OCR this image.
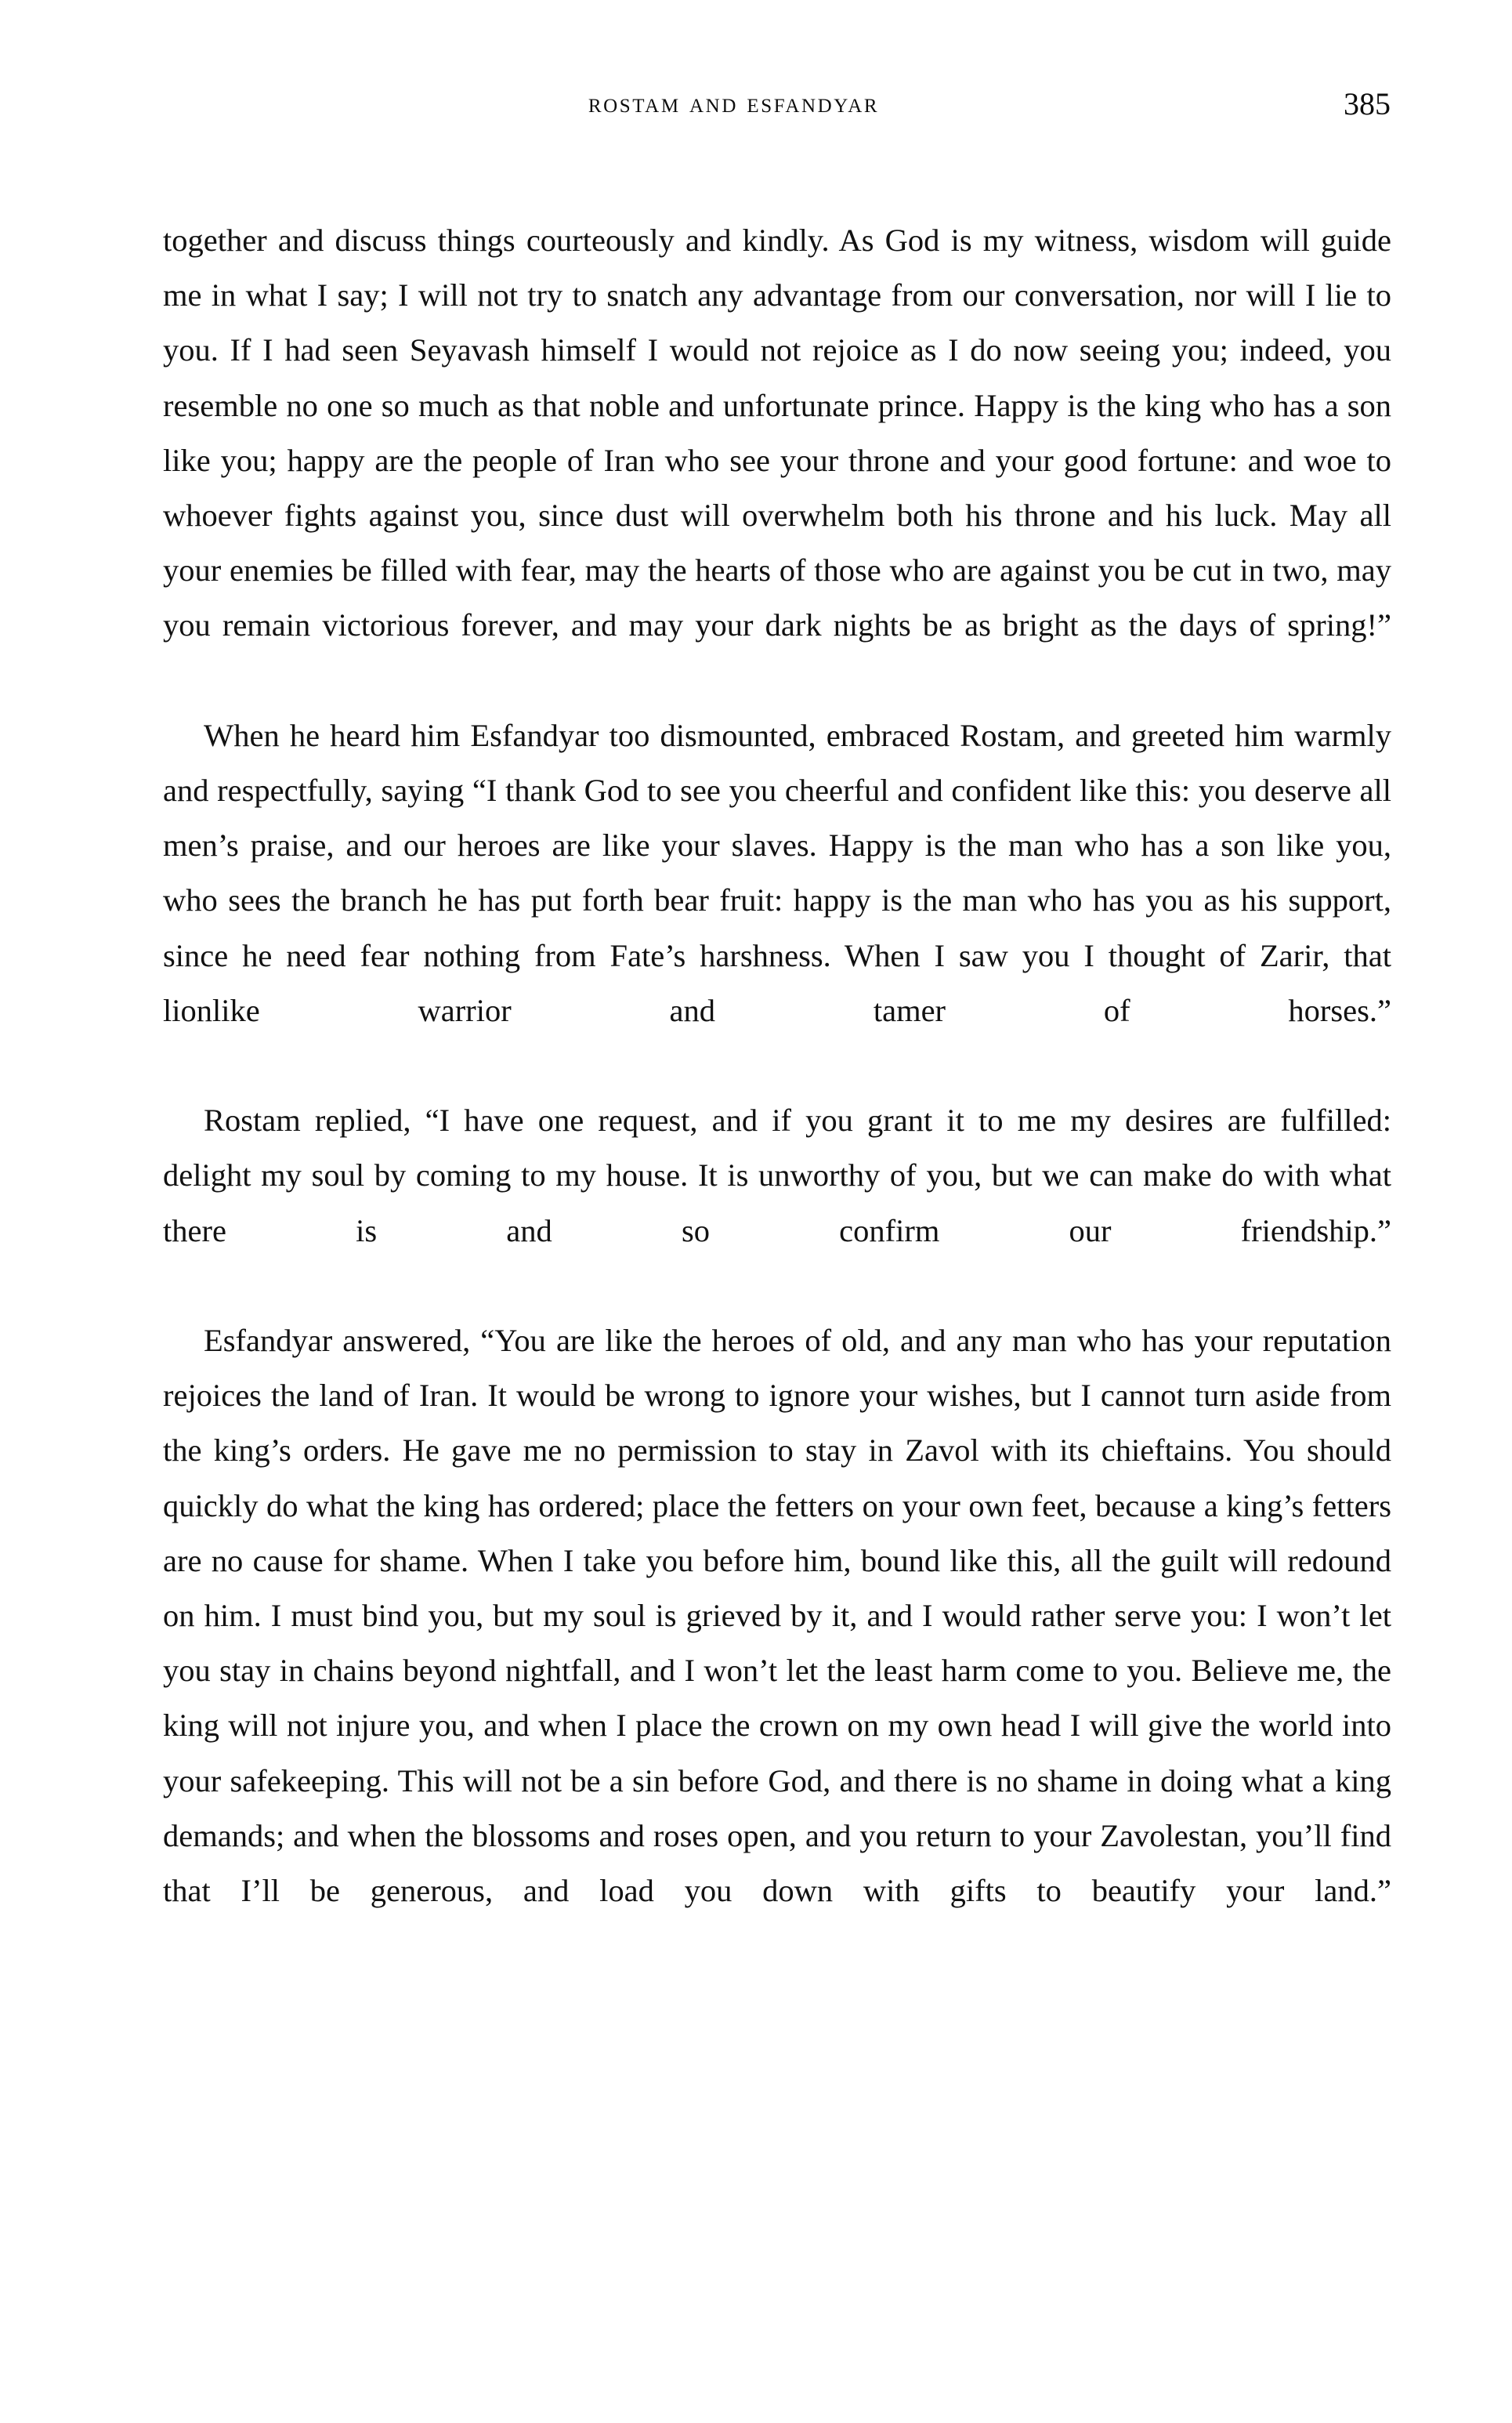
rostam and esfandyar	385

together and discuss things courteously and kindly. As God is my witness, wisdom will guide me in what I say; I will not try to snatch any advantage from our conversation, nor will I lie to you. If I had seen Seyavash himself I would not rejoice as I do now seeing you; indeed, you resemble no one so much as that noble and unfortunate prince. Happy is the king who has a son like you; happy are the people of Iran who see your throne and your good fortune: and woe to whoever fights against you, since dust will overwhelm both his throne and his luck. May all your enemies be filled with fear, may the hearts of those who are against you be cut in two, may you remain victorious forever, and may your dark nights be as bright as the days of spring!”

When he heard him Esfandyar too dismounted, embraced Rostam, and greeted him warmly and respectfully, saying “I thank God to see you cheerful and confident like this: you deserve all men’s praise, and our heroes are like your slaves. Happy is the man who has a son like you, who sees the branch he has put forth bear fruit: happy is the man who has you as his support, since he need fear nothing from Fate’s harshness. When I saw you I thought of Zarir, that lionlike warrior and tamer of horses.”

Rostam replied, “I have one request, and if you grant it to me my desires are fulfilled: delight my soul by coming to my house. It is unworthy of you, but we can make do with what there is and so confirm our friendship.”

Esfandyar answered, “You are like the heroes of old, and any man who has your reputation rejoices the land of Iran. It would be wrong to ignore your wishes, but I cannot turn aside from the king’s orders. He gave me no permission to stay in Zavol with its chieftains. You should quickly do what the king has ordered; place the fetters on your own feet, because a king’s fetters are no cause for shame. When I take you before him, bound like this, all the guilt will redound on him. I must bind you, but my soul is grieved by it, and I would rather serve you: I won’t let you stay in chains beyond nightfall, and I won’t let the least harm come to you. Believe me, the king will not injure you, and when I place the crown on my own head I will give the world into your safekeeping. This will not be a sin before God, and there is no shame in doing what a king demands; and when the blossoms and roses open, and you return to your Zavolestan, you’ll find that I’ll be generous, and load you down with gifts to beautify your land.”
